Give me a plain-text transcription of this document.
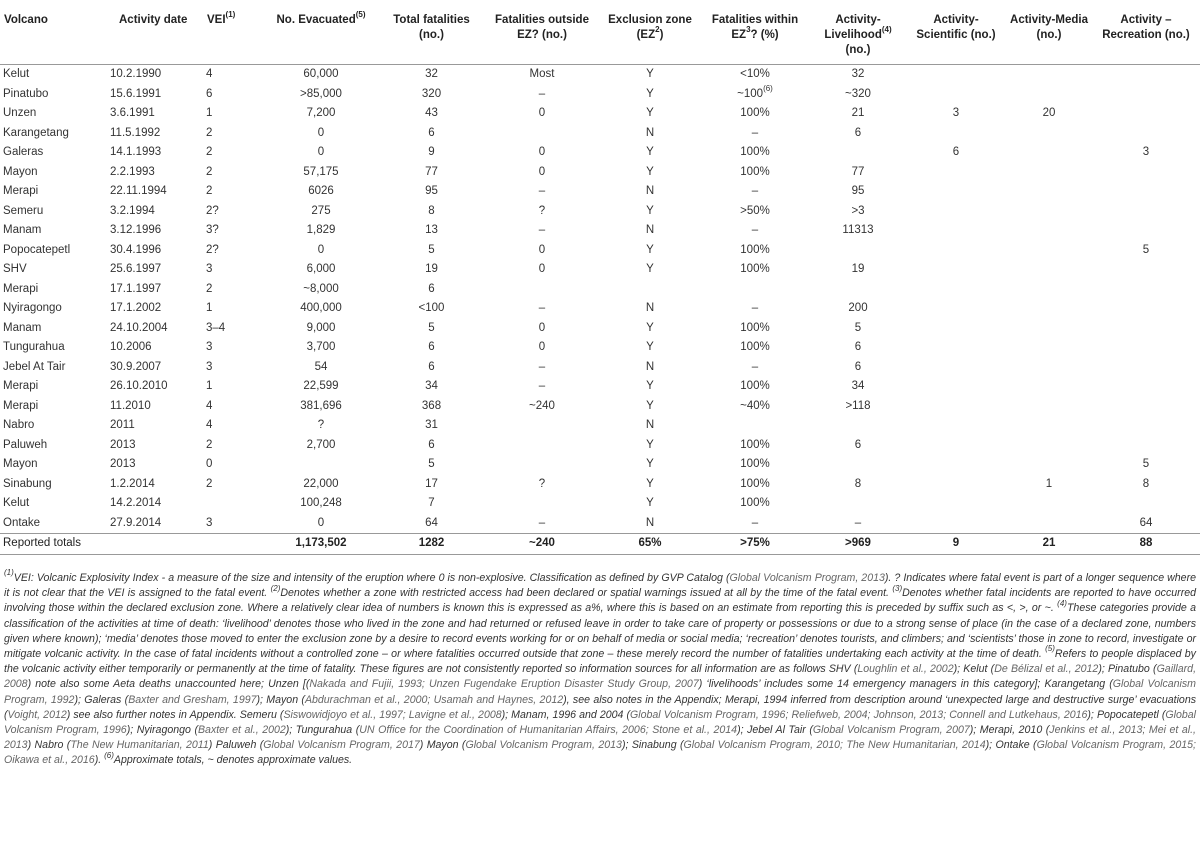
Volcano	Activity date	VEI$^{(1)}$	No. Evacuated$^{(5)}$	Total fatalities (no.)	Fatalities outside EZ? (no.)	Exclusion zone $(EZ^2)$	Fatalities within $EZ^3$? (%)	Activity-Livelihood$^{(4)}$ (no.)	Activity-Scientific (no.)	Activity-Media (no.)	Activity – Recreation (no.)
Kelut	10.2.1990	4	60,000	32	Most	Y	<10%	32			
Pinatubo	15.6.1991	6	>85,000	320	–	Y	~100$^{(6)}$	~320			
Unzen	3.6.1991	1	7,200	43	0	Y	100%	21	3	20	
Karangetang	11.5.1992	2	0	6		N	–	6			
Galeras	14.1.1993	2	0	9	0	Y	100%		6		3
Mayon	2.2.1993	2	57,175	77	0	Y	100%	77			
Merapi	22.11.1994	2	6026	95	–	N	–	95			
Semeru	3.2.1994	2?	275	8	?	Y	>50%	>3			
Manam	3.12.1996	3?	1,829	13	–	N	–	11313			
Popocatepetl	30.4.1996	2?	0	5	0	Y	100%				5
SHV	25.6.1997	3	6,000	19	0	Y	100%	19			
Merapi	17.1.1997	2	~8,000	6							
Nyiragongo	17.1.2002	1	400,000	<100	–	N	–	200			
Manam	24.10.2004	3–4	9,000	5	0	Y	100%	5			
Tungurahua	10.2006	3	3,700	6	0	Y	100%	6			
Jebel At Tair	30.9.2007	3	54	6	–	N	–	6			
Merapi	26.10.2010	1	22,599	34	–	Y	100%	34			
Merapi	11.2010	4	381,696	368	~240	Y	~40%	>118			
Nabro	2011	4	?	31		N					
Paluweh	2013	2	2,700	6		Y	100%	6			
Mayon	2013	0		5		Y	100%				5
Sinabung	1.2.2014	2	22,000	17	?	Y	100%	8		1	8
Kelut	14.2.2014		100,248	7		Y	100%				
Ontake	27.9.2014	3	0	64	–	N	–	–			64
Reported totals			1,173,502	1282	~240	65%	>75%	>969	9	21	88
$^{(1)}$VEI: Volcanic Explosivity Index - a measure of the size and intensity of the eruption where 0 is non-explosive. Classification as defined by GVP Catalog (Global Volcanism Program, 2013). ? Indicates where fatal event is part of a longer sequence where it is not clear that the VEI is assigned to the fatal event. $^{(2)}$Denotes whether a zone with restricted access had been declared or spatial warnings issued at all by the time of the fatal event. $^{(3)}$Denotes whether fatal incidents are reported to have occurred involving those within the declared exclusion zone. Where a relatively clear idea of numbers is known this is expressed as a%, where this is based on an estimate from reporting this is preceded by suffix such as <, >, or ~. $^{(4)}$These categories provide a classification of the activities at time of death: ‘livelihood’ denotes those who lived in the zone and had returned or refused leave in order to take care of property or possessions or due to a strong sense of place (in the case of a declared zone, numbers given where known); ‘media’ denotes those moved to enter the exclusion zone by a desire to record events working for or on behalf of media or social media; ‘recreation’ denotes tourists, and climbers; and ‘scientists’ those in zone to record, investigate or mitigate volcanic activity. In the case of fatal incidents without a controlled zone – or where fatalities occurred outside that zone – these merely record the number of fatalities undertaking each activity at the time of death. $^{(5)}$Refers to people displaced by the volcanic activity either temporarily or permanently at the time of fatality. These figures are not consistently reported so information sources for all information are as follows SHV (Loughlin et al., 2002); Kelut (De Bélizal et al., 2012); Pinatubo (Gaillard, 2008) note also some Aeta deaths unaccounted here; Unzen [(Nakada and Fujii, 1993; Unzen Fugendake Eruption Disaster Study Group, 2007) ‘livelihoods’ includes some 14 emergency managers in this category]; Karangetang (Global Volcanism Program, 1992); Galeras (Baxter and Gresham, 1997); Mayon (Abdurachman et al., 2000; Usamah and Haynes, 2012), see also notes in the Appendix; Merapi, 1994 inferred from description around ‘unexpected large and destructive surge’ evacuations (Voight, 2012) see also further notes in Appendix. Semeru (Siswowidjoyo et al., 1997; Lavigne et al., 2008); Manam, 1996 and 2004 (Global Volcanism Program, 1996; Reliefweb, 2004; Johnson, 2013; Connell and Lutkehaus, 2016); Popocatepetl (Global Volcanism Program, 1996); Nyiragongo (Baxter et al., 2002); Tungurahua (UN Office for the Coordination of Humanitarian Affairs, 2006; Stone et al., 2014); Jebel Al Tair (Global Volcanism Program, 2007); Merapi, 2010 (Jenkins et al., 2013; Mei et al., 2013) Nabro (The New Humanitarian, 2011) Paluweh (Global Volcanism Program, 2017) Mayon (Global Volcanism Program, 2013); Sinabung (Global Volcanism Program, 2010; The New Humanitarian, 2014); Ontake (Global Volcanism Program, 2015; Oikawa et al., 2016). $^{(6)}$Approximate totals, ~ denotes approximate values.
